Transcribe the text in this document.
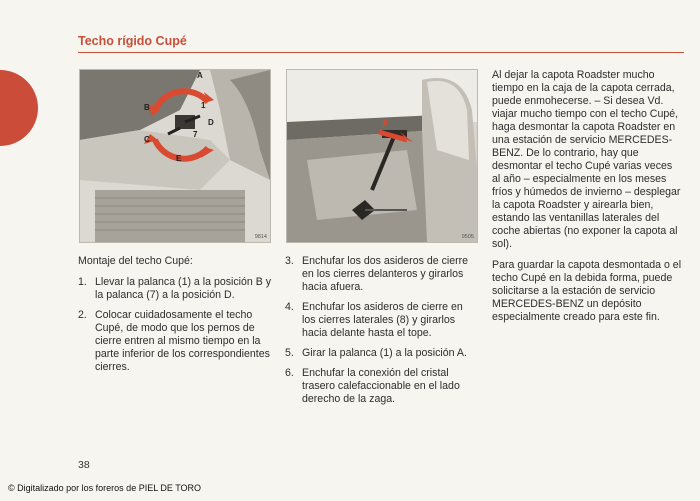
Techo rígido Cupé
A
B
C
D
E
1
7
9814
8
9505

Montaje del techo Cupé:

1. Llevar la palanca (1) a la posición B y la palanca (7) a la posición D.
2. Colocar cuidadosamente el techo Cupé, de modo que los pernos de cierre entren al mismo tiempo en la parte inferior de los correspondientes cierres.
3. Enchufar los dos asideros de cierre en los cierres delanteros y girarlos hacia afuera.
4. Enchufar los asideros de cierre en los cierres laterales (8) y girarlos hacia delante hasta el tope.
5. Girar la palanca (1) a la posición A.
6. Enchufar la conexión del cristal trasero calefaccionable en el lado derecho de la zaga.

Al dejar la capota Roadster mucho tiempo en la caja de la capota cerrada, puede enmohecerse. – Si desea Vd. viajar mucho tiempo con el techo Cupé, haga desmontar la capota Roadster en una estación de servicio MERCEDES-BENZ. De lo contrario, hay que desmontar el techo Cupé varias veces al año – especialmente en los meses fríos y húmedos de invierno – desplegar la capota Roadster y airearla bien, estando las ventanillas laterales del coche abiertas (no exponer la capota al sol).

Para guardar la capota desmontada o el techo Cupé en la debida forma, puede solicitarse a la estación de servicio MERCEDES-BENZ un depósito especialmente creado para este fin.

38
© Digitalizado por los foreros de PIEL DE TORO
